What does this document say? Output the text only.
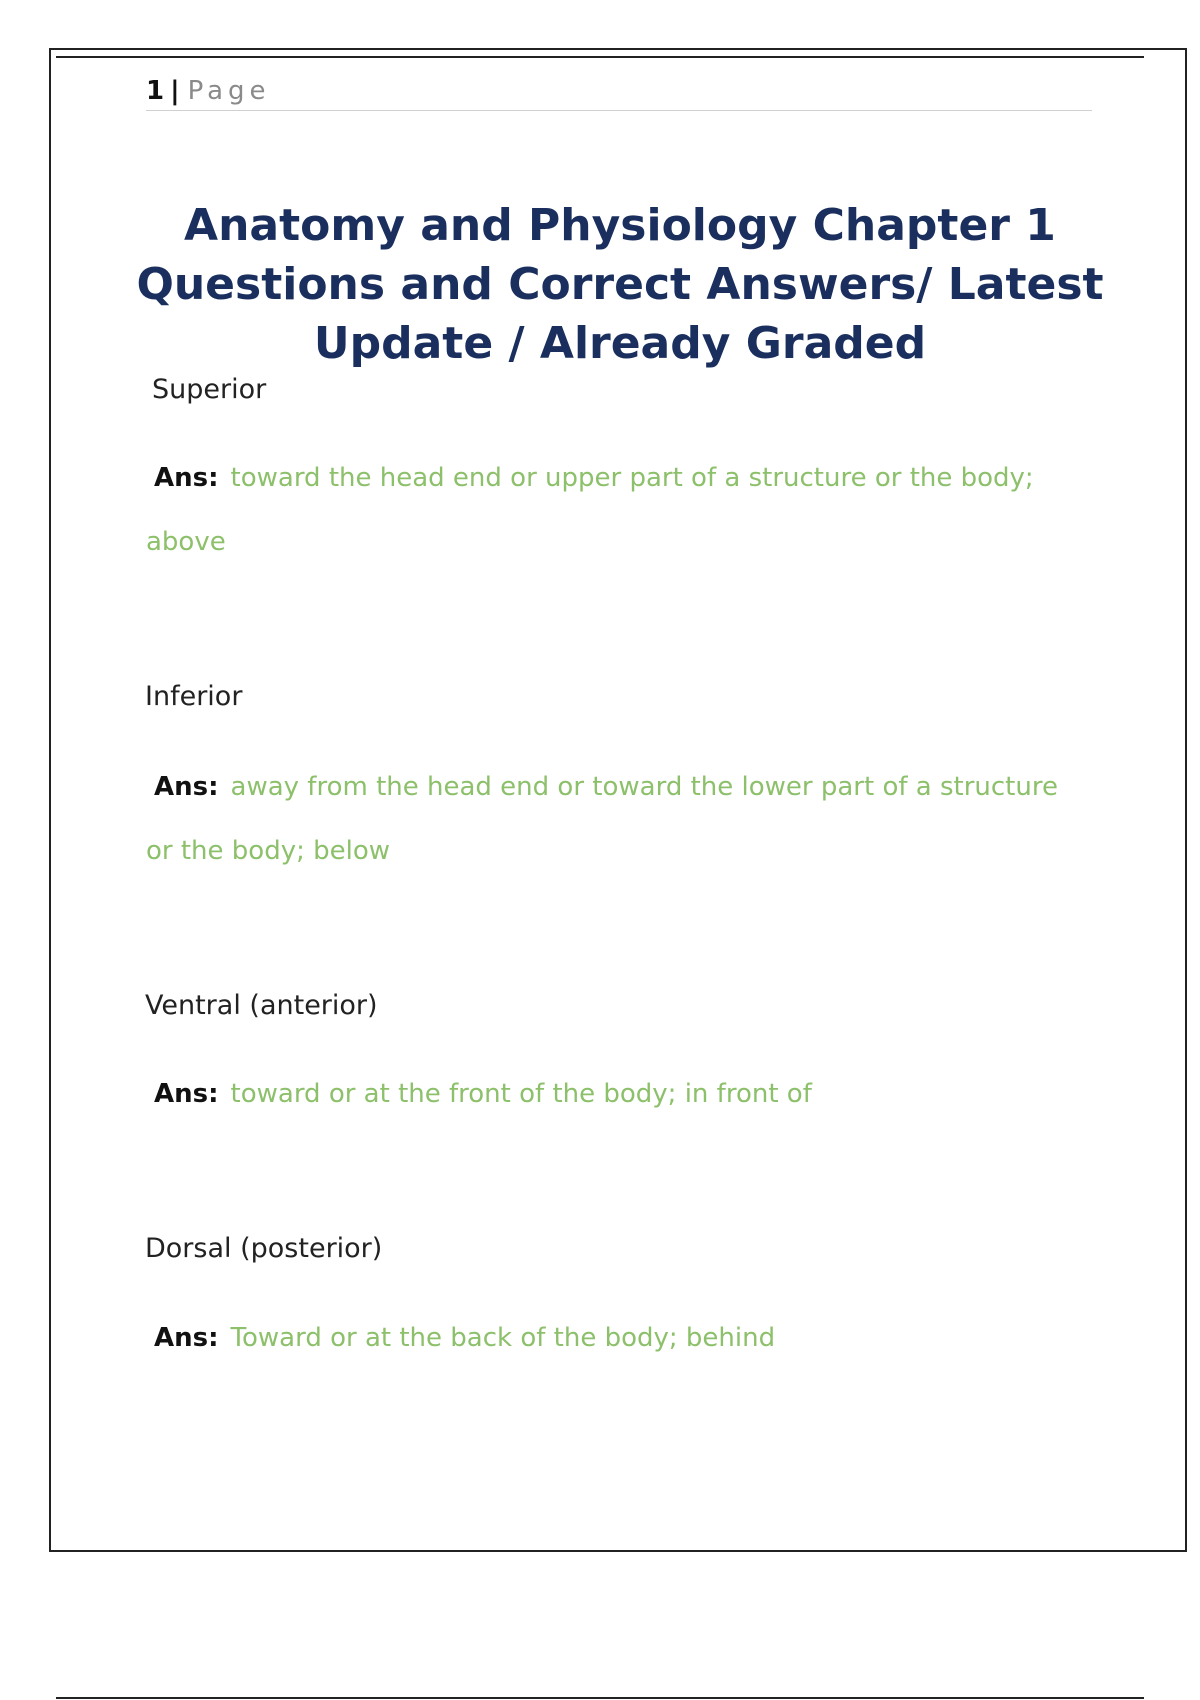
1 | Page
Anatomy and Physiology Chapter 1 Questions and Correct Answers/ Latest Update / Already Graded
Superior
Ans: toward the head end or upper part of a structure or the body; above
Inferior
Ans: away from the head end or toward the lower part of a structure or the body; below
Ventral (anterior)
Ans: toward or at the front of the body; in front of
Dorsal (posterior)
Ans: Toward or at the back of the body; behind
